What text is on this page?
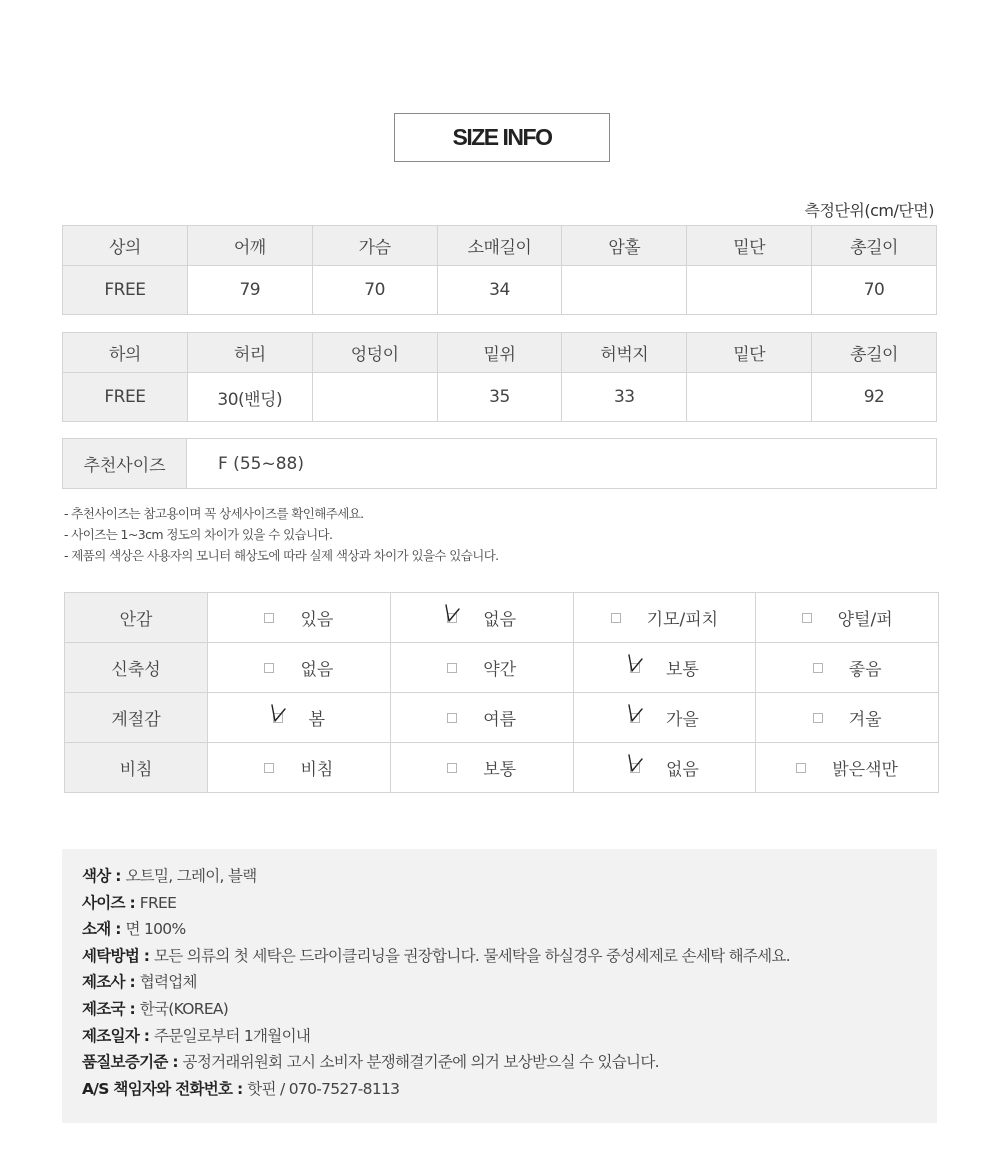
SIZE INFO
측정단위(cm/단면)
상의	어깨	가슴	소매길이	암홀	밑단	총길이
FREE	79	70	34			70
하의	허리	엉덩이	밑위	허벅지	밑단	총길이
FREE	30(밴딩)		35	33		92
추천사이즈	F (55~88)
- 추천사이즈는 참고용이며 꼭 상세사이즈를 확인해주세요.
- 사이즈는 1~3cm 정도의 차이가 있을 수 있습니다.
- 제품의 색상은 사용자의 모니터 해상도에 따라 실제 색상과 차이가 있을수 있습니다.
안감	있음	없음	기모/피치	양털/퍼

신축성	없음	약간	보통	좋음

계절감	봄	여름	가을	겨울

비침	비침	보통	없음	밝은색만
색상 : 오트밀, 그레이, 블랙
사이즈 : FREE
소재 : 면 100%
세탁방법 : 모든 의류의 첫 세탁은 드라이클리닝을 권장합니다. 물세탁을 하실경우 중성세제로 손세탁 해주세요.
제조사 : 협력업체
제조국 : 한국(KOREA)
제조일자 : 주문일로부터 1개월이내
품질보증기준 : 공정거래위원회 고시 소비자 분쟁해결기준에 의거 보상받으실 수 있습니다.
A/S 책임자와 전화번호 : 핫핀 / 070-7527-8113
